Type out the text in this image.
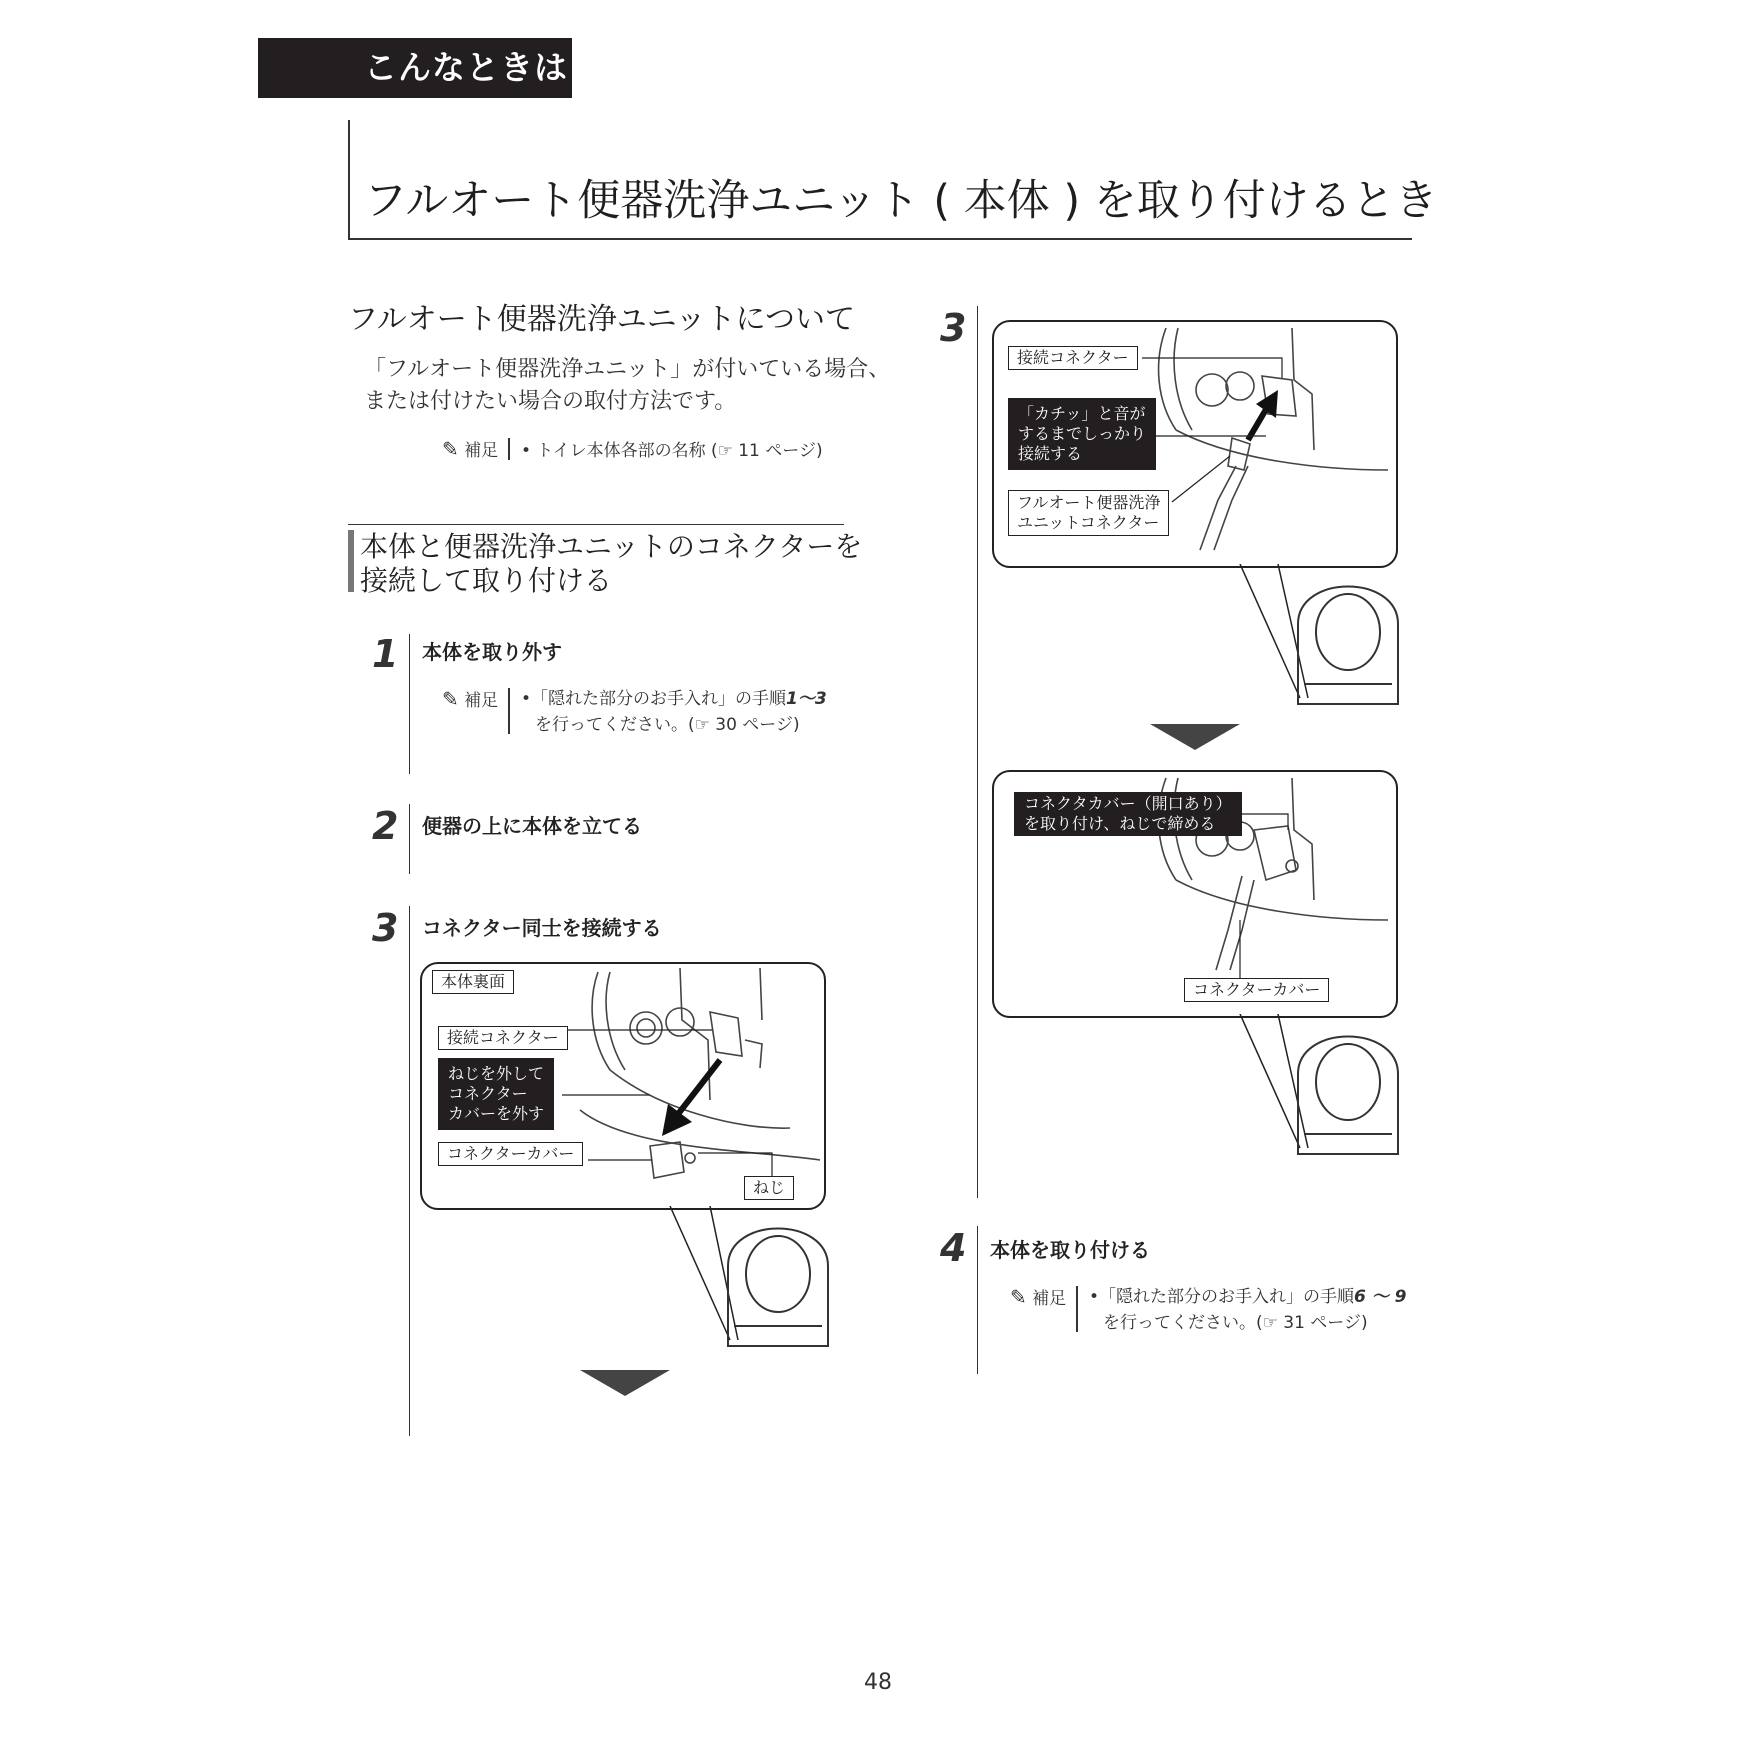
こんなときは
フルオート便器洗浄ユニット ( 本体 ) を取り付けるとき
フルオート便器洗浄ユニットについて
「フルオート便器洗浄ユニット」が付いている場合、
または付けたい場合の取付方法です。
✎ 補足 • トイレ本体各部の名称 (☞ 11 ページ)
本体と便器洗浄ユニットのコネクターを
接続して取り付ける
1 本体を取り外す
✎ 補足 •「隠れた部分のお手入れ」の手順1～3
を行ってください。(☞ 30 ページ)
2 便器の上に本体を立てる
3 コネクター同士を接続する
本体裏面
接続コネクター
ねじを外して
コネクター
カバーを外す
コネクターカバー
ねじ
3
接続コネクター
「カチッ」と音が
するまでしっかり
接続する
フルオート便器洗浄
ユニットコネクター
コネクタカバー（開口あり）
を取り付け、ねじで締める
コネクターカバー
4 本体を取り付ける
✎ 補足 •「隠れた部分のお手入れ」の手順6 ～ 9
を行ってください。(☞ 31 ページ)
48
